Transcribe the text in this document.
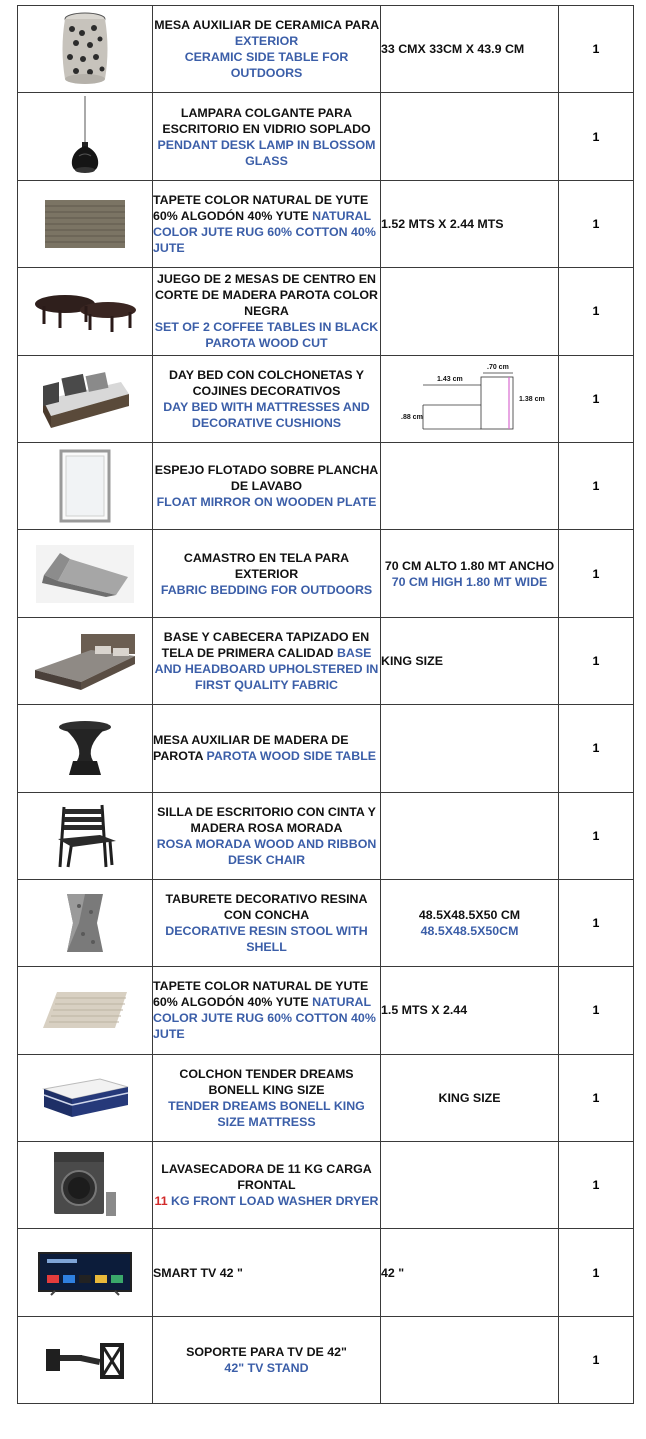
	MESA AUXILIAR DE CERAMICA PARA EXTERIOR
CERAMIC SIDE TABLE FOR OUTDOORS	33 CMX 33CM X 43.9 CM	1

	LAMPARA COLGANTE PARA ESCRITORIO EN VIDRIO SOPLADO
PENDANT DESK LAMP IN BLOSSOM GLASS		1

	TAPETE COLOR NATURAL DE YUTE 60% ALGODÓN 40% YUTE NATURAL COLOR JUTE RUG 60% COTTON 40% JUTE	1.52 MTS X 2.44 MTS	1

	JUEGO DE 2 MESAS DE CENTRO EN CORTE DE MADERA PAROTA COLOR NEGRA
SET OF 2 COFFEE TABLES IN BLACK PAROTA WOOD CUT		1

	DAY BED CON COLCHONETAS Y COJINES DECORATIVOS
DAY BED WITH MATTRESSES AND DECORATIVE CUSHIONS	.70 cm
1.43 cm
.88 cm
1.38 cm	1

	ESPEJO FLOTADO SOBRE PLANCHA DE LAVABO
FLOAT MIRROR ON WOODEN PLATE		1

	CAMASTRO EN TELA PARA EXTERIOR
FABRIC BEDDING FOR OUTDOORS	70 CM ALTO 1.80 MT ANCHO
70 CM HIGH 1.80 MT WIDE	1

	BASE Y CABECERA TAPIZADO EN TELA DE PRIMERA CALIDAD BASE AND HEADBOARD UPHOLSTERED IN FIRST QUALITY FABRIC	KING SIZE	1

	MESA AUXILIAR DE MADERA DE PAROTA PAROTA WOOD SIDE TABLE		1

	SILLA DE ESCRITORIO CON CINTA Y MADERA ROSA MORADA
ROSA MORADA WOOD AND RIBBON DESK CHAIR		1

	TABURETE DECORATIVO RESINA CON CONCHA
DECORATIVE RESIN STOOL WITH SHELL	48.5X48.5X50 CM
48.5X48.5X50CM	1

	TAPETE COLOR NATURAL DE YUTE 60% ALGODÓN 40% YUTE NATURAL COLOR JUTE RUG 60% COTTON 40% JUTE	1.5 MTS X 2.44	1

	COLCHON TENDER DREAMS BONELL KING SIZE
TENDER DREAMS BONELL KING SIZE MATTRESS	KING SIZE	1

	LAVASECADORA DE 11 KG CARGA FRONTAL
11 KG FRONT LOAD WASHER DRYER		1

	SMART TV 42 "	42 "	1

	SOPORTE PARA TV DE 42"
42" TV STAND		1
